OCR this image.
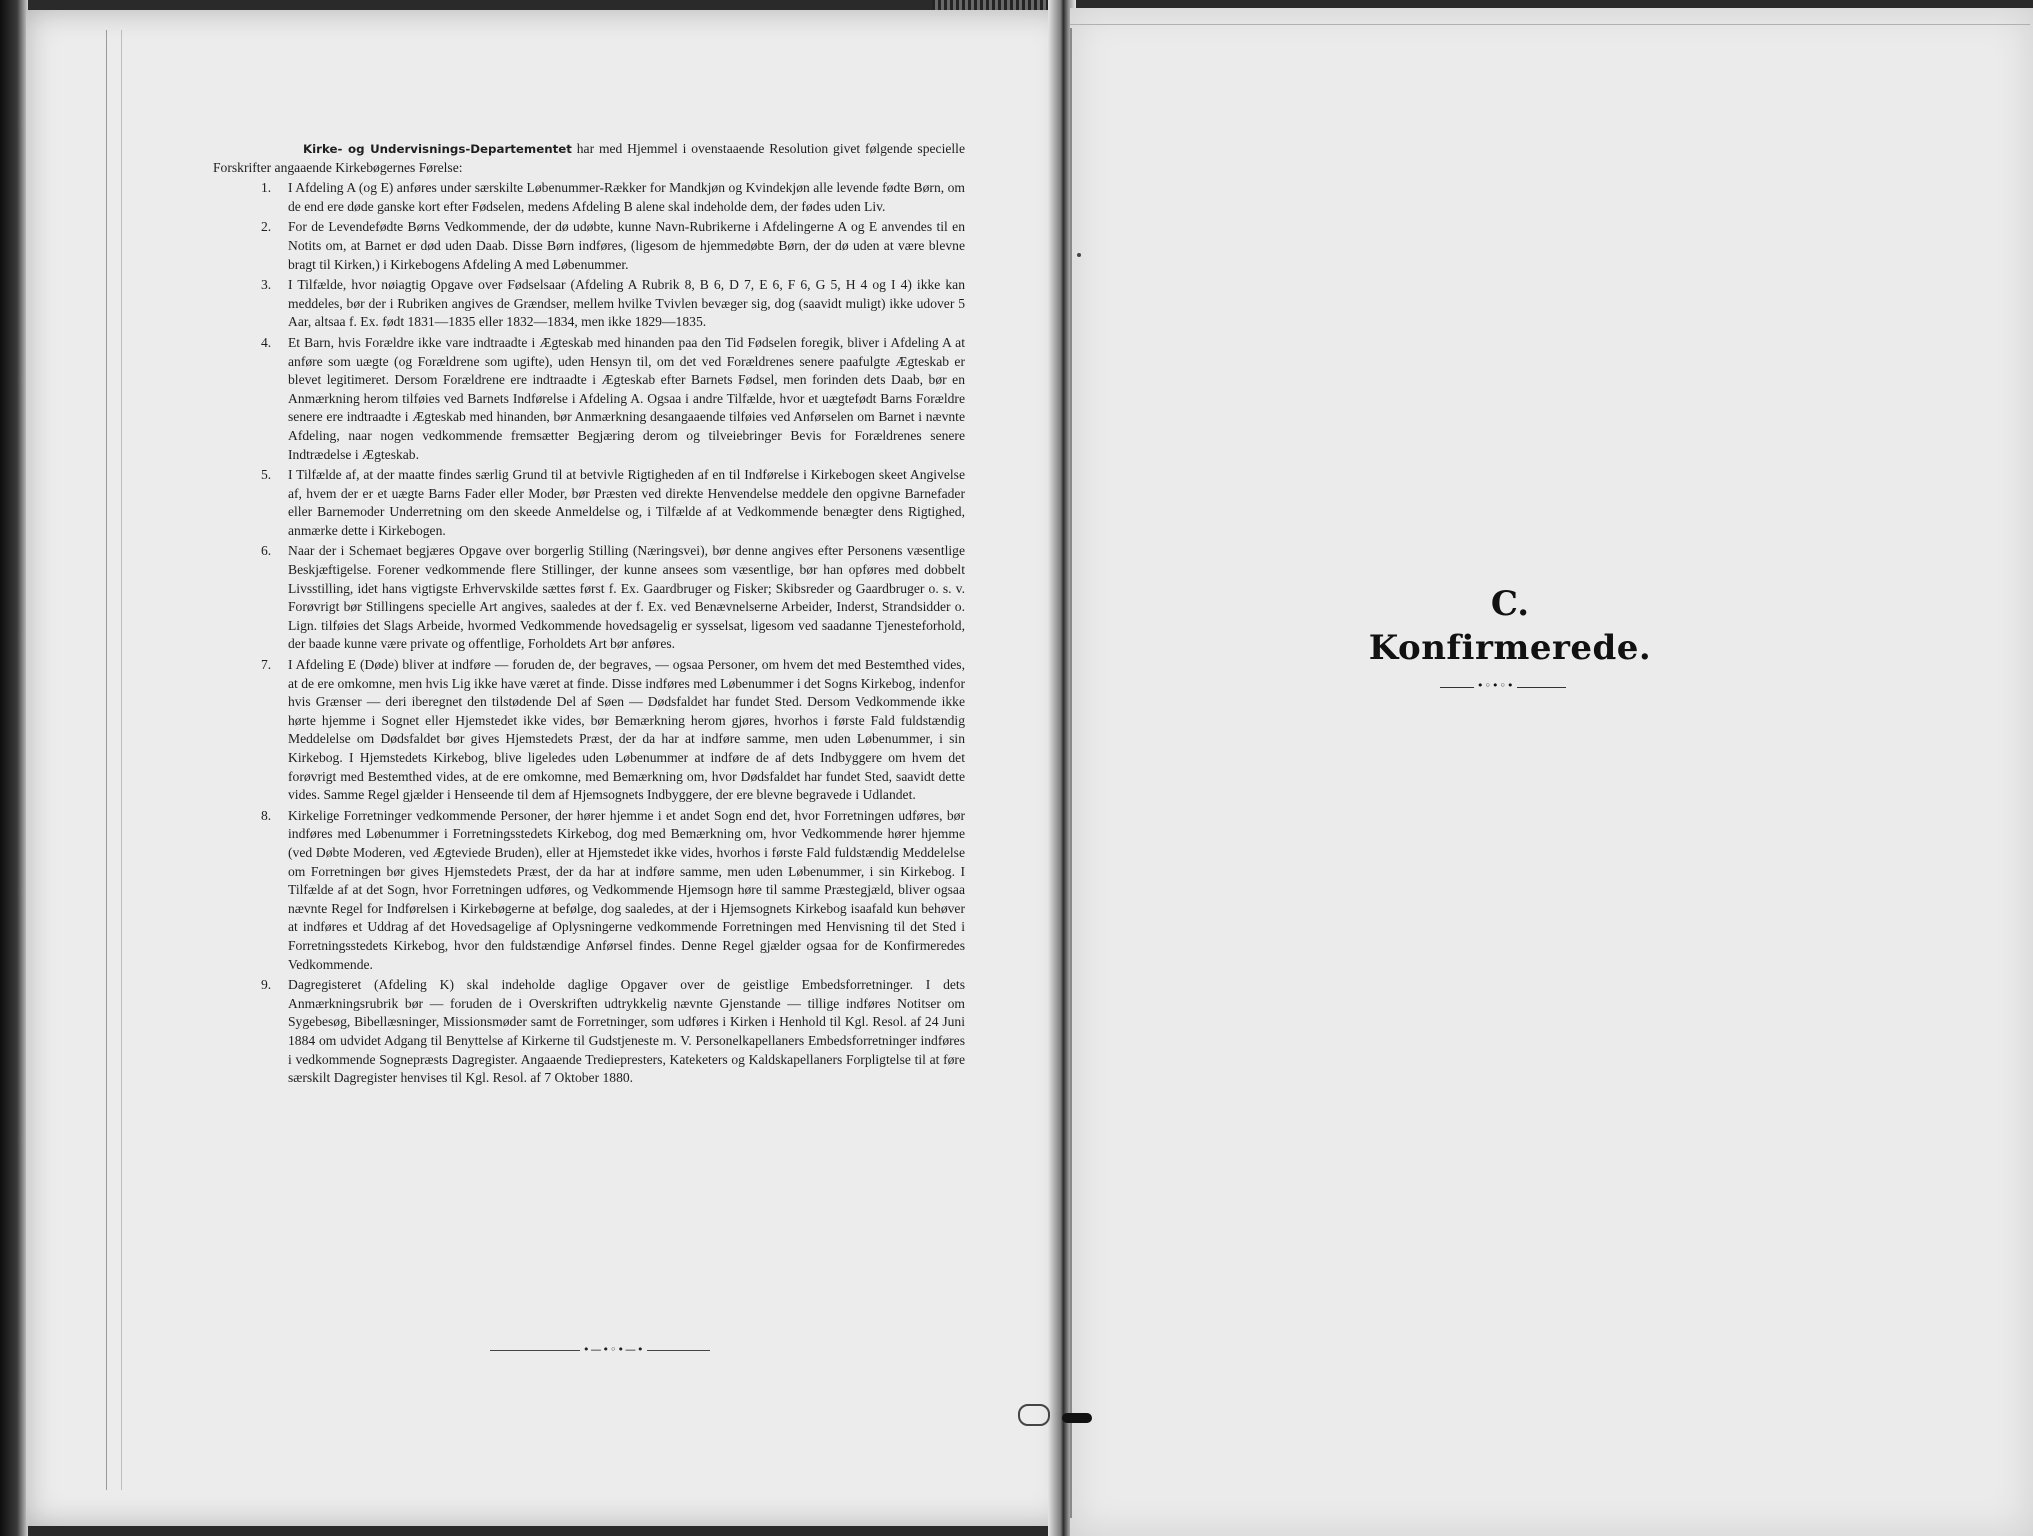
Kirke- og Undervisnings-Departementet har med Hjemmel i ovenstaaende Resolution givet følgende specielle Forskrifter angaaende Kirkebøgernes Førelse:

1. I Afdeling A (og E) anføres under særskilte Løbenummer-Rækker for Mandkjøn og Kvindekjøn alle levende fødte Børn, om de end ere døde ganske kort efter Fødselen, medens Afdeling B alene skal indeholde dem, der fødes uden Liv.
2. For de Levendefødte Børns Vedkommende, der dø udøbte, kunne Navn-Rubrikerne i Afdelingerne A og E anvendes til en Notits om, at Barnet er død uden Daab. Disse Børn indføres, (ligesom de hjemmedøbte Børn, der dø uden at være blevne bragt til Kirken,) i Kirkebogens Afdeling A med Løbenummer.
3. I Tilfælde, hvor nøiagtig Opgave over Fødselsaar (Afdeling A Rubrik 8, B 6, D 7, E 6, F 6, G 5, H 4 og I 4) ikke kan meddeles, bør der i Rubriken angives de Grændser, mellem hvilke Tvivlen bevæger sig, dog (saavidt muligt) ikke udover 5 Aar, altsaa f. Ex. født 1831—1835 eller 1832—1834, men ikke 1829—1835.
4. Et Barn, hvis Forældre ikke vare indtraadte i Ægteskab med hinanden paa den Tid Fødselen foregik, bliver i Afdeling A at anføre som uægte (og Forældrene som ugifte), uden Hensyn til, om det ved Forældrenes senere paafulgte Ægteskab er blevet legitimeret. Dersom Forældrene ere indtraadte i Ægteskab efter Barnets Fødsel, men forinden dets Daab, bør en Anmærkning herom tilføies ved Barnets Indførelse i Afdeling A. Ogsaa i andre Tilfælde, hvor et uægtefødt Barns Forældre senere ere indtraadte i Ægteskab med hinanden, bør Anmærkning desangaaende tilføies ved Anførselen om Barnet i nævnte Afdeling, naar nogen vedkommende fremsætter Begjæring derom og tilveiebringer Bevis for Forældrenes senere Indtrædelse i Ægteskab.
5. I Tilfælde af, at der maatte findes særlig Grund til at betvivle Rigtigheden af en til Indførelse i Kirkebogen skeet Angivelse af, hvem der er et uægte Barns Fader eller Moder, bør Præsten ved direkte Henvendelse meddele den opgivne Barnefader eller Barnemoder Underretning om den skeede Anmeldelse og, i Tilfælde af at Vedkommende benægter dens Rigtighed, anmærke dette i Kirkebogen.
6. Naar der i Schemaet begjæres Opgave over borgerlig Stilling (Næringsvei), bør denne angives efter Personens væsentlige Beskjæftigelse. Forener vedkommende flere Stillinger, der kunne ansees som væsentlige, bør han opføres med dobbelt Livsstilling, idet hans vigtigste Erhvervskilde sættes først f. Ex. Gaardbruger og Fisker; Skibsreder og Gaardbruger o. s. v. Forøvrigt bør Stillingens specielle Art angives, saaledes at der f. Ex. ved Benævnelserne Arbeider, Inderst, Strandsidder o. Lign. tilføies det Slags Arbeide, hvormed Vedkommende hovedsagelig er sysselsat, ligesom ved saadanne Tjenesteforhold, der baade kunne være private og offentlige, Forholdets Art bør anføres.
7. I Afdeling E (Døde) bliver at indføre — foruden de, der begraves, — ogsaa Personer, om hvem det med Bestemthed vides, at de ere omkomne, men hvis Lig ikke have været at finde. Disse indføres med Løbenummer i det Sogns Kirkebog, indenfor hvis Grænser — deri iberegnet den tilstødende Del af Søen — Dødsfaldet har fundet Sted. Dersom Vedkommende ikke hørte hjemme i Sognet eller Hjemstedet ikke vides, bør Bemærkning herom gjøres, hvorhos i første Fald fuldstændig Meddelelse om Dødsfaldet bør gives Hjemstedets Præst, der da har at indføre samme, men uden Løbenummer, i sin Kirkebog. I Hjemstedets Kirkebog, blive ligeledes uden Løbenummer at indføre de af dets Indbyggere om hvem det forøvrigt med Bestemthed vides, at de ere omkomne, med Bemærkning om, hvor Dødsfaldet har fundet Sted, saavidt dette vides. Samme Regel gjælder i Henseende til dem af Hjemsognets Indbyggere, der ere blevne begravede i Udlandet.
8. Kirkelige Forretninger vedkommende Personer, der hører hjemme i et andet Sogn end det, hvor Forretningen udføres, bør indføres med Løbenummer i Forretningsstedets Kirkebog, dog med Bemærkning om, hvor Vedkommende hører hjemme (ved Døbte Moderen, ved Ægteviede Bruden), eller at Hjemstedet ikke vides, hvorhos i første Fald fuldstændig Meddelelse om Forretningen bør gives Hjemstedets Præst, der da har at indføre samme, men uden Løbenummer, i sin Kirkebog. I Tilfælde af at det Sogn, hvor Forretningen udføres, og Vedkommende Hjemsogn høre til samme Præstegjæld, bliver ogsaa nævnte Regel for Indførelsen i Kirkebøgerne at befølge, dog saaledes, at der i Hjemsognets Kirkebog isaafald kun behøver at indføres et Uddrag af det Hovedsagelige af Oplysningerne vedkommende Forretningen med Henvisning til det Sted i Forretningsstedets Kirkebog, hvor den fuldstændige Anførsel findes. Denne Regel gjælder ogsaa for de Konfirmeredes Vedkommende.
9. Dagregisteret (Afdeling K) skal indeholde daglige Opgaver over de geistlige Embedsforretninger. I dets Anmærkningsrubrik bør — foruden de i Overskriften udtrykkelig nævnte Gjenstande — tillige indføres Notitser om Sygebesøg, Bibellæsninger, Missionsmøder samt de Forretninger, som udføres i Kirken i Henhold til Kgl. Resol. af 24 Juni 1884 om udvidet Adgang til Benyttelse af Kirkerne til Gudstjeneste m. V. Personelkapellaners Embedsforretninger indføres i vedkommende Sognepræsts Dagregister. Angaaende Trediepresters, Kateketers og Kaldskapellaners Forpligtelse til at føre særskilt Dagregister henvises til Kgl. Resol. af 7 Oktober 1880.
•—•◦•—•
C.
Konfirmerede.
•◦•◦•
